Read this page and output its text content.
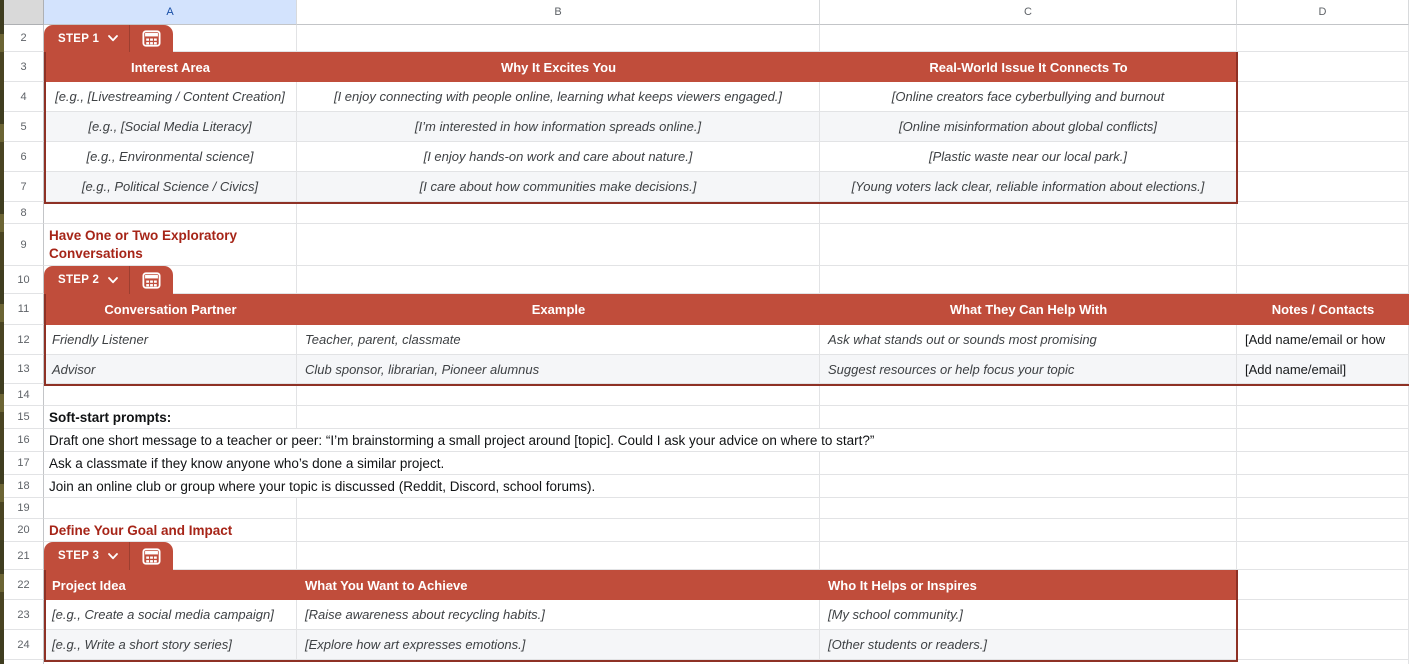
A	B	C	D
2
3	Interest Area	Why It Excites You	Real-World Issue It Connects To
4 [e.g., [Livestreaming / Content Creation]	[I enjoy connecting with people online, learning what keeps viewers engaged.]	[Online creators face cyberbullying and burnout
5	[e.g., [Social Media Literacy]	[I’m interested in how information spreads online.]	[Online misinformation about global conflicts]
6	[e.g., Environmental science]	[I enjoy hands-on work and care about nature.]	[Plastic waste near our local park.]
7	[e.g., Political Science / Civics]	[I care about how communities make decisions.]	[Young voters lack clear, reliable information about elections.]
8
9
Have One or Two Exploratory Conversations
10
11	Conversation Partner	Example	What They Can Help With	Notes / Contacts
12 Friendly Listener	Teacher, parent, classmate	Ask what stands out or sounds most promising	[Add name/email or how
13 Advisor	Club sponsor, librarian, Pioneer alumnus	Suggest resources or help focus your topic	[Add name/email]
14
15 Soft-start prompts:
16 Draft one short message to a teacher or peer: “I’m brainstorming a small project around [topic]. Could I ask your advice on where to start?”
17 Ask a classmate if they know anyone who’s done a similar project.
18 Join an online club or group where your topic is discussed (Reddit, Discord, school forums).
19
20 Define Your Goal and Impact
21
22 Project Idea	What You Want to Achieve	Who It Helps or Inspires
23 [e.g., Create a social media campaign] [Raise awareness about recycling habits.]	[My school community.]
24 [e.g., Write a short story series]	[Explore how art expresses emotions.]	[Other students or readers.]
STEP 1
STEP 2
STEP 3
